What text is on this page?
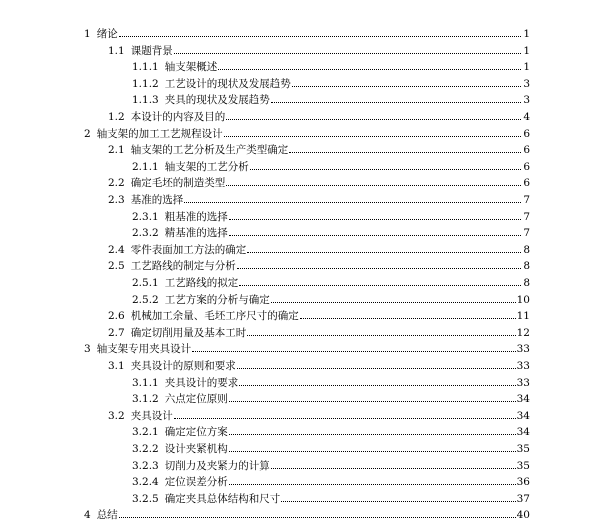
1 绪论	1
1.1 课题背景	1
1.1.1 轴支架概述	1
1.1.2 工艺设计的现状及发展趋势	3
1.1.3 夹具的现状及发展趋势	3
1.2 本设计的内容及目的	4
2 轴支架的加工工艺规程设计	6
2.1 轴支架的工艺分析及生产类型确定	6
2.1.1 轴支架的工艺分析	6
2.2 确定毛坯的制造类型	6
2.3 基准的选择	7
2.3.1 粗基准的选择	7
2.3.2 精基准的选择	7
2.4 零件表面加工方法的确定	8
2.5 工艺路线的制定与分析	8
2.5.1 工艺路线的拟定	8
2.5.2 工艺方案的分析与确定	10
2.6 机械加工余量、毛坯工序尺寸的确定	11
2.7 确定切削用量及基本工时	12
3 轴支架专用夹具设计	33
3.1 夹具设计的原则和要求	33
3.1.1 夹具设计的要求	33
3.1.2 六点定位原则	34
3.2 夹具设计	34
3.2.1 确定定位方案	34
3.2.2 设计夹紧机构	35
3.2.3 切削力及夹紧力的计算	35
3.2.4 定位误差分析	36
3.2.5 确定夹具总体结构和尺寸	37
4 总结	40
